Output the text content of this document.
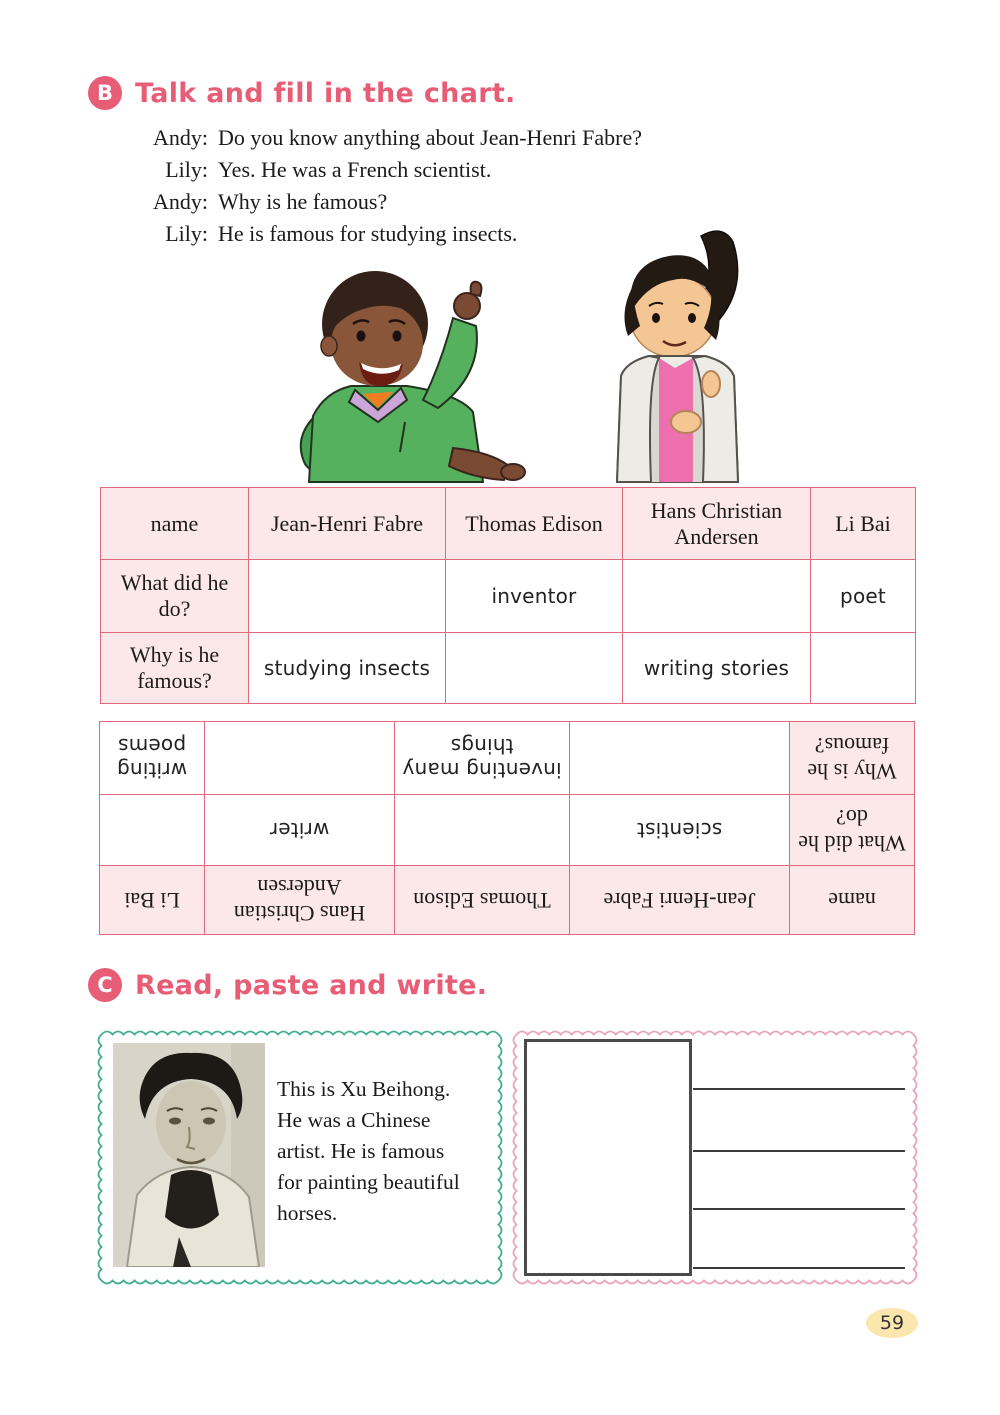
B Talk and fill in the chart.
Andy: Do you know anything about Jean-Henri Fabre?
Lily: Yes. He was a French scientist.
Andy: Why is he famous?
Lily: He is famous for studying insects.
name	Jean-Henri Fabre	Thomas Edison	Hans Christian Andersen	Li Bai
What did he do?		inventor		poet
Why is he famous?	studying insects		writing stories	
name	Jean-Henri Fabre	Thomas Edison	Hans Christian Andersen	Li Bai
What did he do?	scientist		writer	
Why is he famous?		inventing many things		writing poems
C Read, paste and write.
This is Xu Beihong.
He was a Chinese
artist. He is famous
for painting beautiful
horses.
59
